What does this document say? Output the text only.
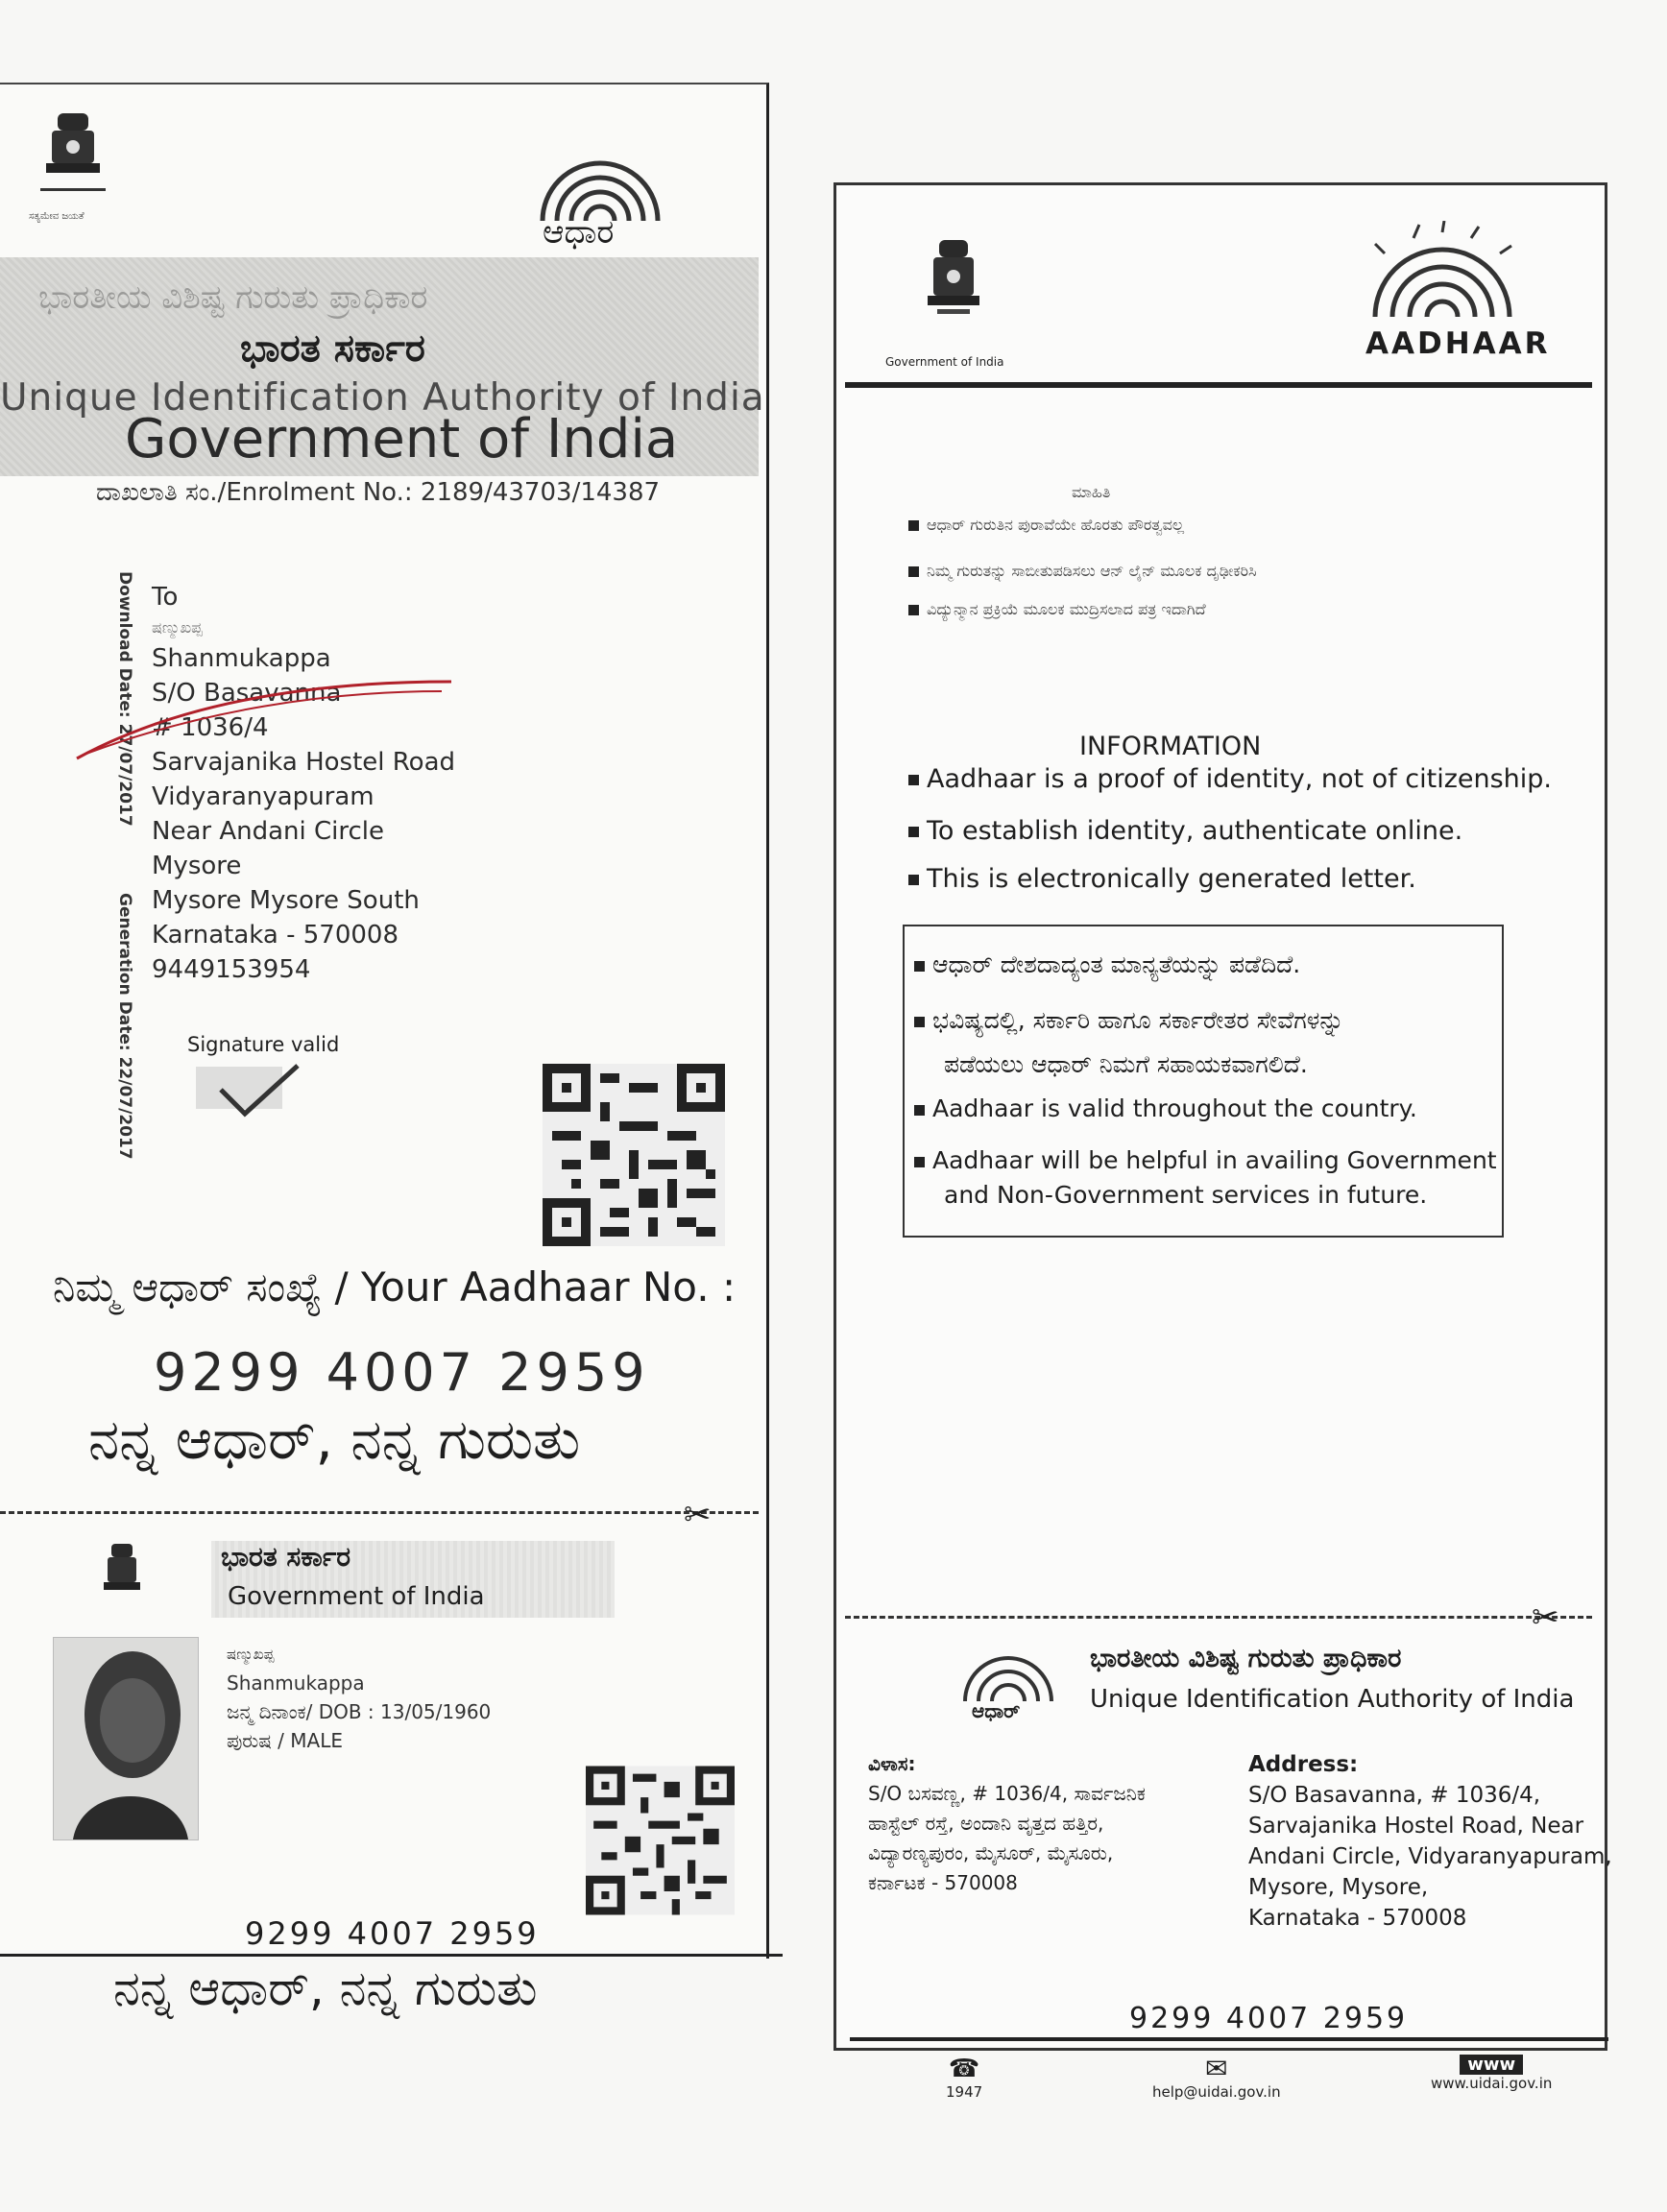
ಸತ್ಯಮೇವ ಜಯತೆ	ಆಧಾರ
ಭಾರತೀಯ ವಿಶಿಷ್ಟ ಗುರುತು ಪ್ರಾಧಿಕಾರ
ಭಾರತ ಸರ್ಕಾರ
Unique Identification Authority of India
Government of India
ದಾಖಲಾತಿ ಸಂ./Enrolment No.: 2189/43703/14387
Download Date: 27/07/2017
Generation Date: 22/07/2017
To
ಷಣ್ಮುಖಪ್ಪ
Shanmukappa
S/O Basavanna
# 1036/4
Sarvajanika Hostel Road
Vidyaranyapuram
Near Andani Circle
Mysore
Mysore Mysore South
Karnataka - 570008
9449153954
Signature valid
ನಿಮ್ಮ ಆಧಾರ್ ಸಂಖ್ಯೆ / Your Aadhaar No. :
9299 4007 2959
ನನ್ನ ಆಧಾರ್, ನನ್ನ ಗುರುತು
✂
ಭಾರತ ಸರ್ಕಾರ
Government of India
ಷಣ್ಮುಖಪ್ಪ
Shanmukappa
ಜನ್ಮ ದಿನಾಂಕ/ DOB : 13/05/1960
ಪುರುಷ / MALE
9299 4007 2959
ನನ್ನ ಆಧಾರ್, ನನ್ನ ಗುರುತು
Government of India
AADHAAR
ಮಾಹಿತಿ
ಆಧಾರ್ ಗುರುತಿನ ಪುರಾವೆಯೇ ಹೊರತು ಪೌರತ್ವವಲ್ಲ
ನಿಮ್ಮ ಗುರುತನ್ನು ಸಾಬೀತುಪಡಿಸಲು ಆನ್ ಲೈನ್ ಮೂಲಕ ದೃಢೀಕರಿಸಿ
ವಿದ್ಯುನ್ಮಾನ ಪ್ರಕ್ರಿಯೆ ಮೂಲಕ ಮುದ್ರಿಸಲಾದ ಪತ್ರ ಇದಾಗಿದೆ
INFORMATION
Aadhaar is a proof of identity, not of citizenship.
To establish identity, authenticate online.
This is electronically generated letter.
ಆಧಾರ್ ದೇಶದಾದ್ಯಂತ ಮಾನ್ಯತೆಯನ್ನು ಪಡೆದಿದೆ.
ಭವಿಷ್ಯದಲ್ಲಿ, ಸರ್ಕಾರಿ ಹಾಗೂ ಸರ್ಕಾರೇತರ ಸೇವೆಗಳನ್ನು
ಪಡೆಯಲು ಆಧಾರ್ ನಿಮಗೆ ಸಹಾಯಕವಾಗಲಿದೆ.
Aadhaar is valid throughout the country.
Aadhaar will be helpful in availing Government
and Non-Government services in future.
✂
ಆಧಾರ್
ಭಾರತೀಯ ವಿಶಿಷ್ಟ ಗುರುತು ಪ್ರಾಧಿಕಾರ
Unique Identification Authority of India
ವಿಳಾಸ:
S/O ಬಸವಣ್ಣ, # 1036/4, ಸಾರ್ವಜನಿಕ
ಹಾಸ್ಟೆಲ್ ರಸ್ತೆ, ಅಂದಾನಿ ವೃತ್ತದ ಹತ್ತಿರ,
ವಿದ್ಯಾರಣ್ಯಪುರಂ, ಮೈಸೂರ್, ಮೈಸೂರು,
ಕರ್ನಾಟಕ - 570008
Address:
S/O Basavanna, # 1036/4,
Sarvajanika Hostel Road, Near
Andani Circle, Vidyaranyapuram,
Mysore, Mysore,
Karnataka - 570008
9299 4007 2959
☎
1947
✉
help@uidai.gov.in
www
www.uidai.gov.in
